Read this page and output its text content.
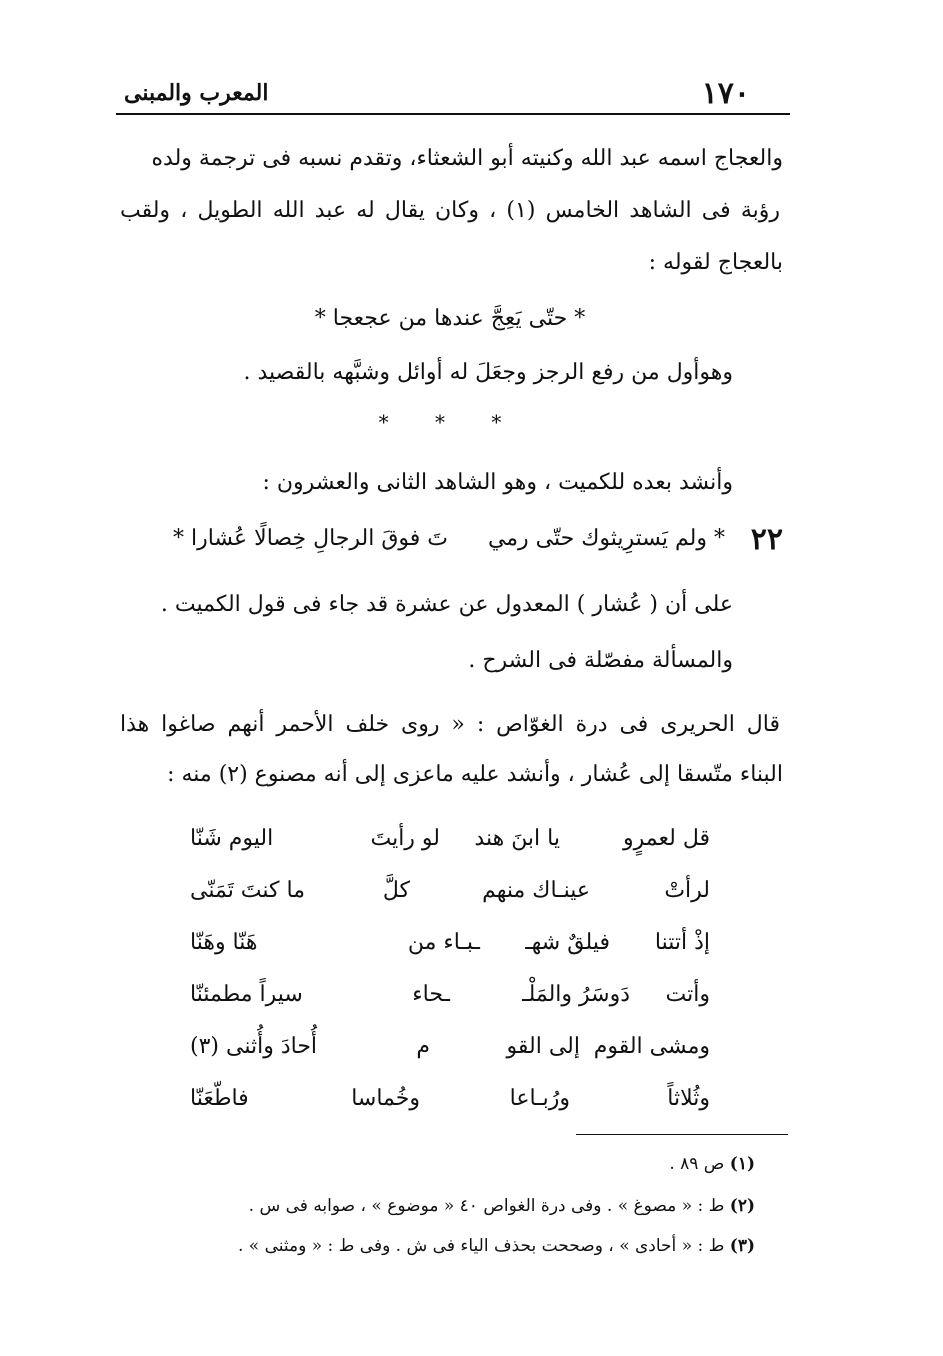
١٧٠
المعرب والمبنى
والعجاج اسمه عبد الله وكنيته أبو الشعثاء، وتقدم نسبه فى ترجمة ولده
رؤبة فى الشاهد الخامس (١) ، وكان يقال له عبد الله الطويل ، ولقب
بالعجاج لقوله :
* حتّى يَعِجَّ عندها من عجعجا *
وهوأول من رفع الرجز وجعَلَ له أوائل وشبَّهه بالقصيد .
* * *
وأنشد بعده للكميت ، وهو الشاهد الثانى والعشرون :
٢٢
* ولم يَسترِيثوك حتّى رمي
تَ فوقَ الرجالِ خِصالًا عُشارا *
على أن ( عُشار ) المعدول عن عشرة قد جاء فى قول الكميت .
والمسألة مفصّلة فى الشرح .
قال الحريرى فى درة الغوّاص : « روى خلف الأحمر أنهم صاغوا هذا
البناء متّسقا إلى عُشار ، وأنشد عليه ماعزى إلى أنه مصنوع (٢) منه :
قل لعمرٍو
يا ابنَ هند
لو رأيتَ
اليوم شَنّا
لرأتْ
عينـاك منهم
كلَّ
ما كنتَ تَمَنّى
إذْ أتتنا
فيلقٌ شهـ
ـبـاء من
هَنّا وهَنّا
وأتت
دَوسَرُ والمَلْـ
ـحاء
سيراً مطمئنّا
ومشى القوم
إلى القو
م
أُحادَ وأُثنى (٣)
وثُلاثاً
ورُبـاعا
وخُماسا
فاطّعَنّا
(١) ص ٨٩ .
(٢) ط : « مصوغ » . وفى درة الغواص ٤٠ « موضوع » ، صوابه فى س .
(٣) ط : « أحادى » ، وصححت بحذف الياء فى ش . وفى ط : « ومثنى » .
